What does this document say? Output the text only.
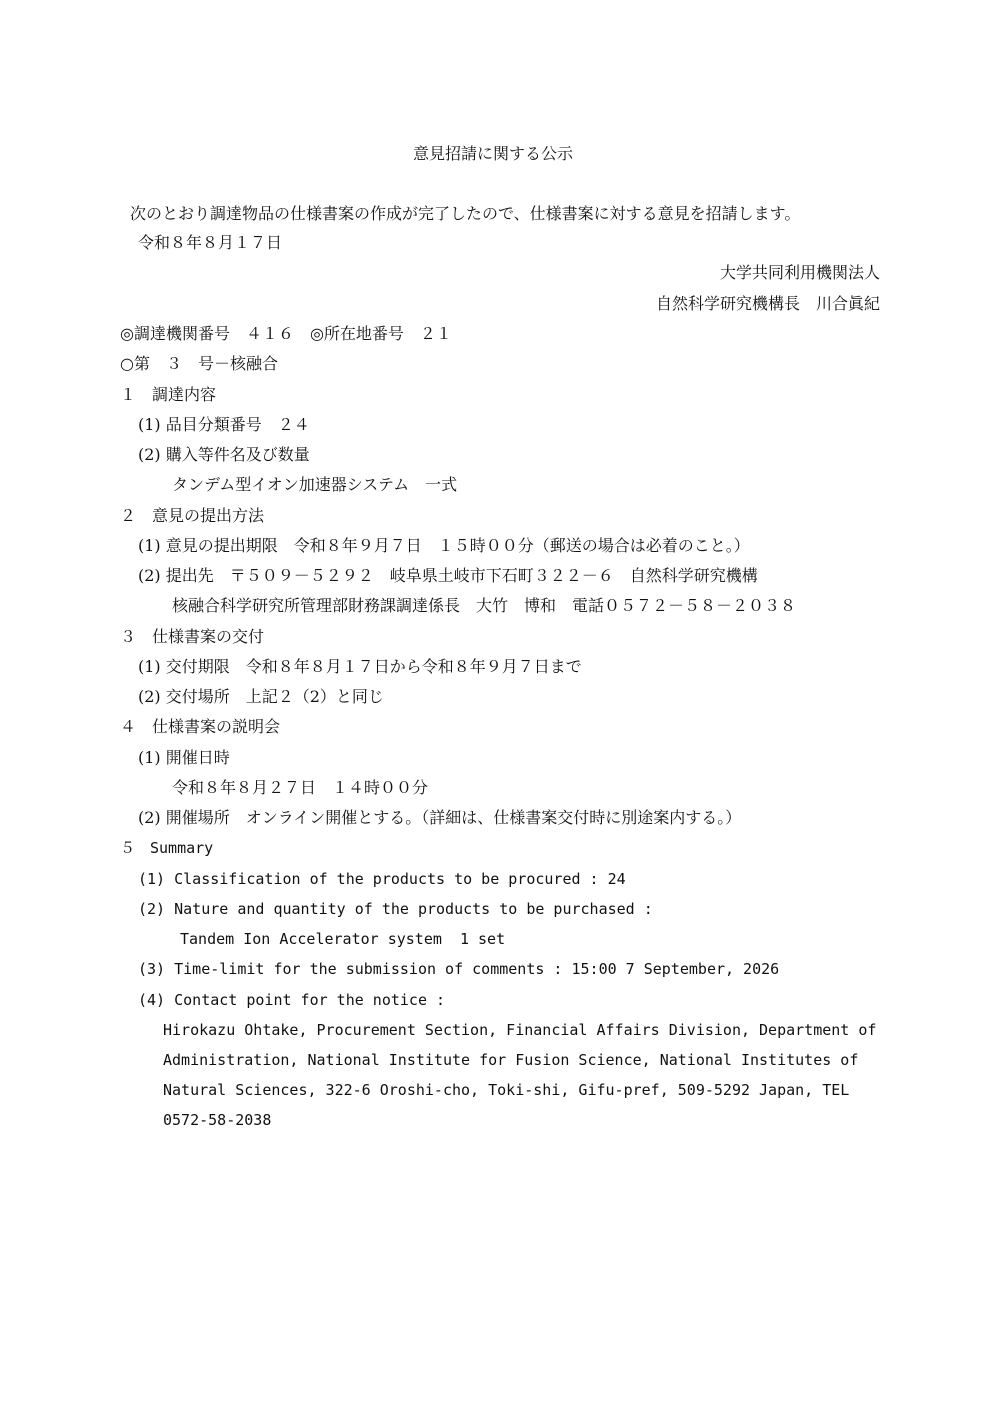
意見招請に関する公示
次のとおり調達物品の仕様書案の作成が完了したので、仕様書案に対する意見を招請します。
令和８年８月１７日
大学共同利用機関法人
自然科学研究機構長　川合眞紀
◎調達機関番号　４１６　◎所在地番号　２１
○第　３　号－核融合
１　調達内容
(1) 品目分類番号　２４
(2) 購入等件名及び数量
タンデム型イオン加速器システム　一式
２　意見の提出方法
(1) 意見の提出期限　令和８年９月７日　１５時００分（郵送の場合は必着のこと。）
(2) 提出先　〒５０９－５２９２　岐阜県土岐市下石町３２２－６　自然科学研究機構
核融合科学研究所管理部財務課調達係長　大竹　博和　電話０５７２－５８－２０３８
３　仕様書案の交付
(1) 交付期限　令和８年８月１７日から令和８年９月７日まで
(2) 交付場所　上記２（2）と同じ
４　仕様書案の説明会
(1) 開催日時
令和８年８月２７日　１４時００分
(2) 開催場所　オンライン開催とする。（詳細は、仕様書案交付時に別途案内する。）
５　Summary
(1) Classification of the products to be procured : 24
(2) Nature and quantity of the products to be purchased :
Tandem Ion Accelerator system  1 set
(3) Time-limit for the submission of comments : 15:00 7 September, 2026
(4) Contact point for the notice :
Hirokazu Ohtake, Procurement Section, Financial Affairs Division, Department of
Administration, National Institute for Fusion Science, National Institutes of
Natural Sciences, 322-6 Oroshi-cho, Toki-shi, Gifu-pref, 509-5292 Japan, TEL
0572-58-2038
